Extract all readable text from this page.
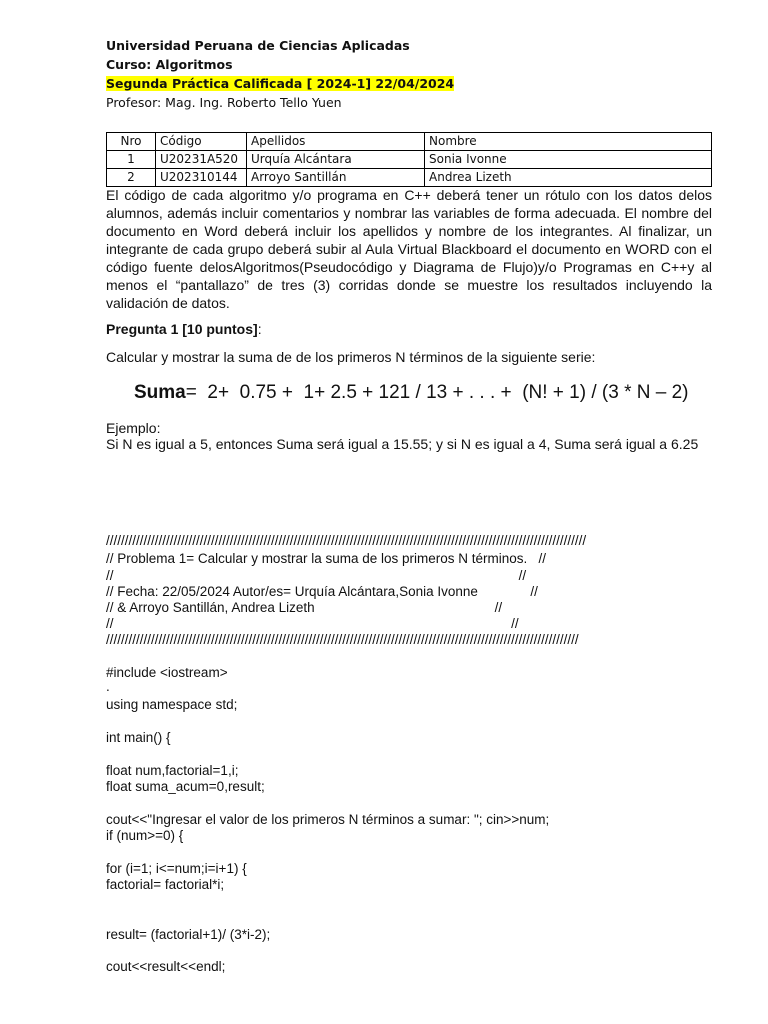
Universidad Peruana de Ciencias Aplicadas
Curso: Algoritmos
Segunda Práctica Calificada [ 2024-1] 22/04/2024
Profesor: Mag. Ing. Roberto Tello Yuen
Nro	Código	Apellidos	Nombre
1	U20231A520	Urquía Alcántara	Sonia Ivonne
2	U202310144	Arroyo Santillán	Andrea Lizeth
El código de cada algoritmo y/o programa en C++ deberá tener un rótulo con los datos delos alumnos, además incluir comentarios y nombrar las variables de forma adecuada. El nombre del documento en Word deberá incluir los apellidos y nombre de los integrantes. Al finalizar, un integrante de cada grupo deberá subir al Aula Virtual Blackboard el documento en WORD con el código fuente delosAlgoritmos(Pseudocódigo y Diagrama de Flujo)y/o Programas en C++y al menos el “pantallazo” de tres (3) corridas donde se muestre los resultados incluyendo la validación de datos.
Pregunta 1 [10 puntos]:
Calcular y mostrar la suma de de los primeros N términos de la siguiente serie:
Suma=  2+  0.75 +  1+ 2.5 + 121 / 13 + . . . +  (N! + 1) / (3 * N – 2)
Ejemplo:
Si N es igual a 5, entonces Suma será igual a 15.55; y si N es igual a 4, Suma será igual a 6.25
////////////////////////////////////////////////////////////////////////////////////////////////////////////////////////////////
// Problema 1= Calcular y mostrar la suma de los primeros N términos.   //
//                                                                                                            //
// Fecha: 22/05/2024 Autor/es= Urquía Alcántara,Sonia Ivonne              //
// & Arroyo Santillán, Andrea Lizeth                                                //
//                                                                                                          //
//////////////////////////////////////////////////////////////////////////////////////////////////////////////////////////////
#include <iostream>
.
using namespace std;
int main() {
float num,factorial=1,i;
float suma_acum=0,result;
cout<<"Ingresar el valor de los primeros N términos a sumar: "; cin>>num;
if (num>=0) {
for (i=1; i<=num;i=i+1) {
factorial= factorial*i;
result= (factorial+1)/ (3*i-2);
cout<<result<<endl;
